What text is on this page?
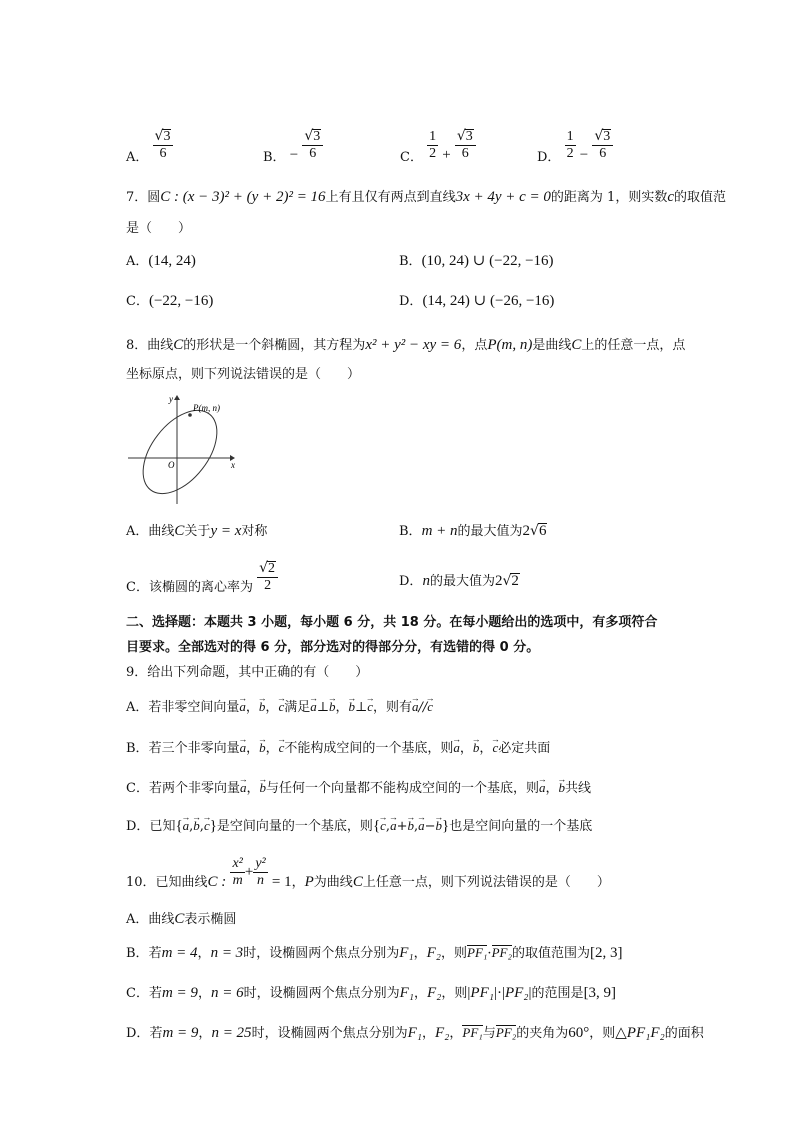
A． $\frac{√3}{6}$	B． − $\frac{√3}{6}$	C． $\frac{1}{2} + \frac{√3}{6}$	D． $\frac{1}{2} - \frac{√3}{6}$
7．圆C : (x − 3)² + (y + 2)² = 16上有且仅有两点到直线3x + 4y + c = 0的距离为 1，则实数c的取值范
是（　　）
A．(14, 24)	B．(10, 24) ∪ (−22, −16)
C．(−22, −16)	D．(14, 24) ∪ (−26, −16)
8．曲线C的形状是一个斜椭圆，其方程为x² + y² − xy = 6，点P(m, n)是曲线C上的任意一点，点
坐标原点，则下列说法错误的是（　　）
y
x
O
P(m, n)
A．曲线C关于y = x对称	B．m + n的最大值为2√6
C．该椭圆的离心率为 $\frac{√2}{2}$	D．n的最大值为2√2
二、选择题：本题共 3 小题，每小题 6 分，共 18 分。在每小题给出的选项中，有多项符合
目要求。全部选对的得 6 分，部分选对的得部分分，有选错的得 0 分。
9．给出下列命题，其中正确的有（　　）
A．若非零空间向量→ a，→ b，→ c满足→ a⊥→ b，→ b⊥→ c，则有→ a//→ c
B．若三个非零向量→ a，→ b，→ c不能构成空间的一个基底，则→ a，→ b，→ c必定共面
C．若两个非零向量→ a，→ b与任何一个向量都不能构成空间的一个基底，则→ a，→ b共线
D．已知{→ a,→ b,→ c}是空间向量的一个基底，则{→ c,→ a+→ b,→ a−→ b}也是空间向量的一个基底
10．已知曲线C : $\frac{\text{x²}}{m} + \frac{\text{y²}}{n} = 1$，P为曲线C上任意一点，则下列说法错误的是（　　）
A．曲线C表示椭圆
B．若m = 4，n = 3时，设椭圆两个焦点分别为F₁，F₂，则PF₁·PF₂的取值范围为[2, 3]
C．若m = 9，n = 6时，设椭圆两个焦点分别为F₁，F₂，则|PF₁|·|PF₂|的范围是[3, 9]
D．若m = 9，n = 25时，设椭圆两个焦点分别为F₁，F₂，PF₁与PF₂的夹角为60°，则△PF₁F₂的面积
